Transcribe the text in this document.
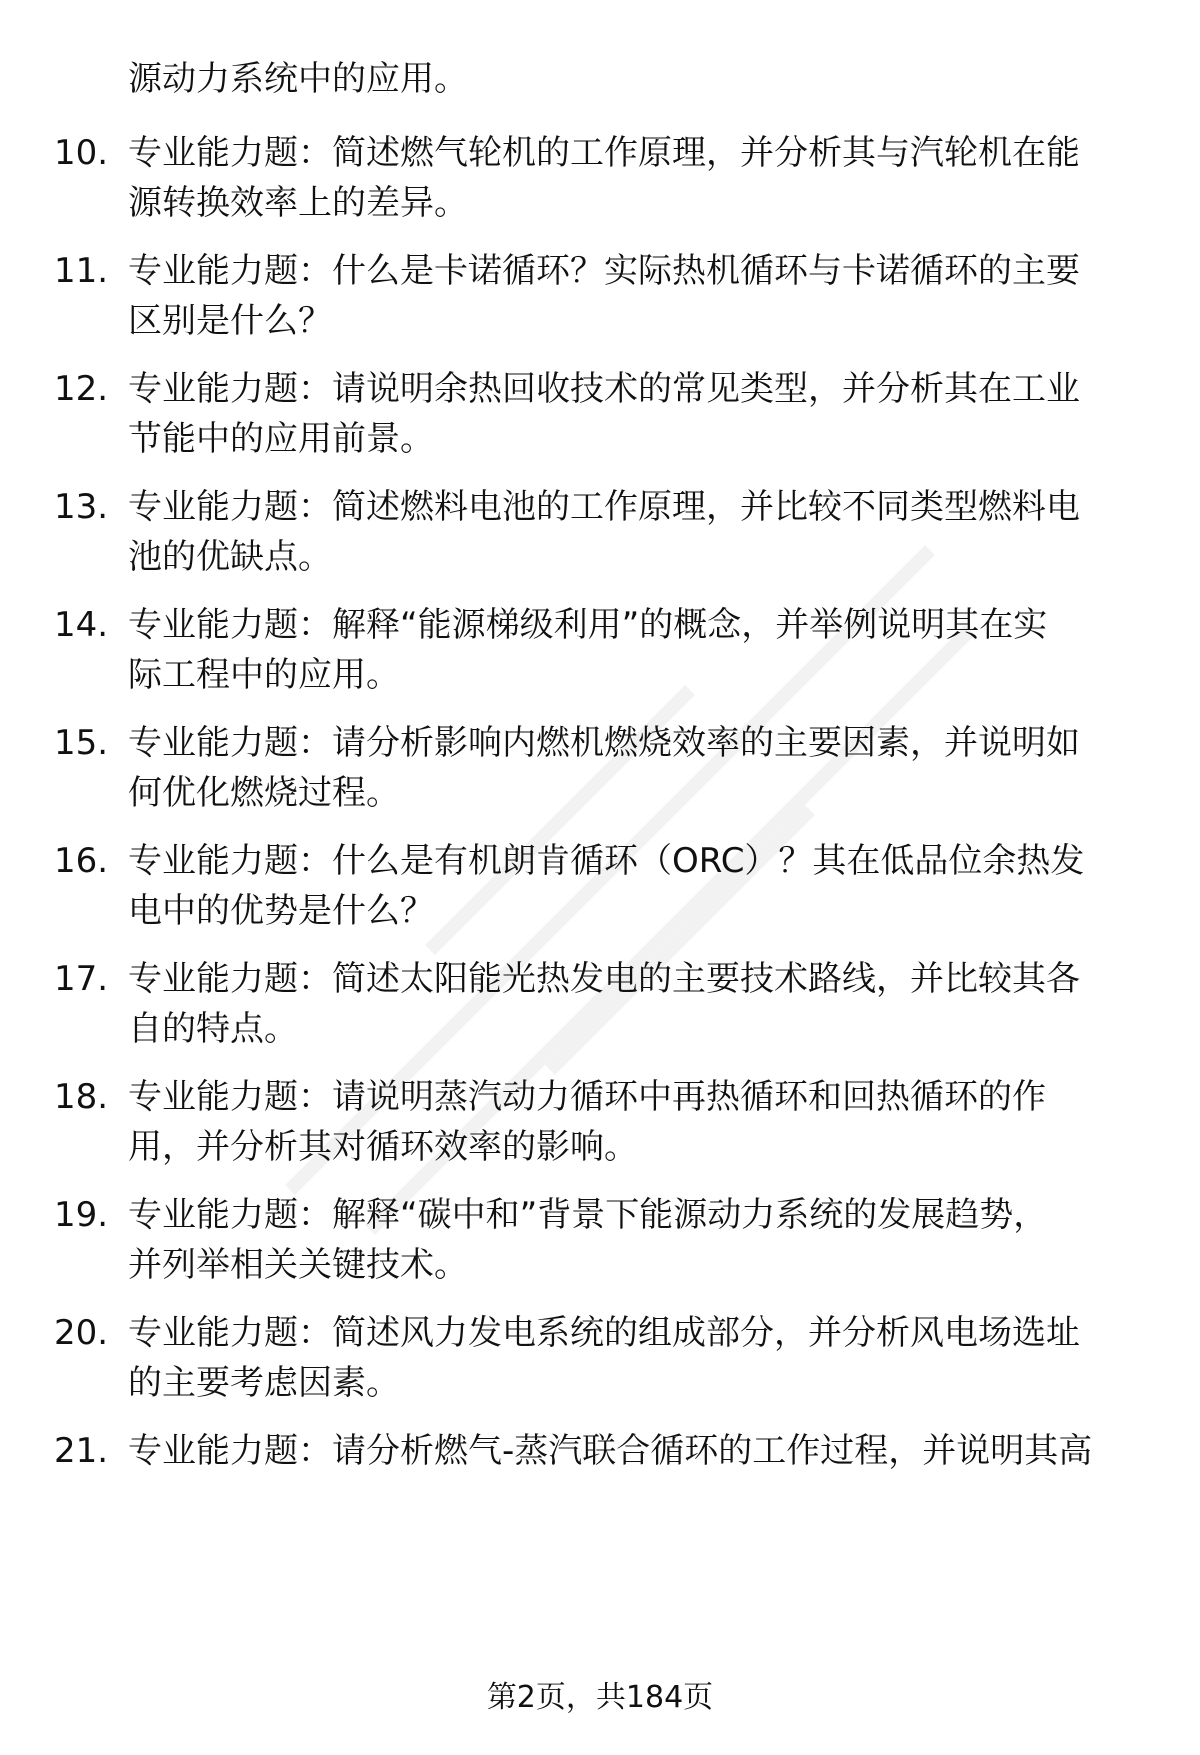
源动力系统中的应用。
10. 专业能力题：简述燃气轮机的工作原理，并分析其与汽轮机在能
源转换效率上的差异。
11. 专业能力题：什么是卡诺循环？实际热机循环与卡诺循环的主要
区别是什么？
12. 专业能力题：请说明余热回收技术的常见类型，并分析其在工业
节能中的应用前景。
13. 专业能力题：简述燃料电池的工作原理，并比较不同类型燃料电
池的优缺点。
14. 专业能力题：解释“能源梯级利用”的概念，并举例说明其在实
际工程中的应用。
15. 专业能力题：请分析影响内燃机燃烧效率的主要因素，并说明如
何优化燃烧过程。
16. 专业能力题：什么是有机朗肯循环（ORC）？其在低品位余热发
电中的优势是什么？
17. 专业能力题：简述太阳能光热发电的主要技术路线，并比较其各
自的特点。
18. 专业能力题：请说明蒸汽动力循环中再热循环和回热循环的作
用，并分析其对循环效率的影响。
19. 专业能力题：解释“碳中和”背景下能源动力系统的发展趋势，
并列举相关关键技术。
20. 专业能力题：简述风力发电系统的组成部分，并分析风电场选址
的主要考虑因素。
21. 专业能力题：请分析燃气-蒸汽联合循环的工作过程，并说明其高
第2页，共184页
